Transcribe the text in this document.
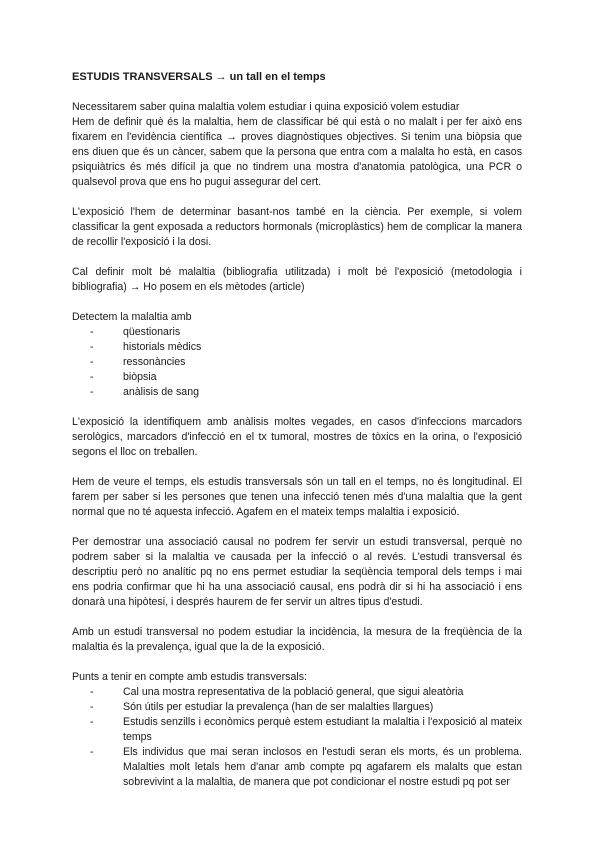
ESTUDIS TRANSVERSALS → un tall en el temps

Necessitarem saber quina malaltia volem estudiar i quina exposició volem estudiar

Hem de definir què és la malaltia, hem de classificar bé qui està o no malalt i per fer això ens fixarem en l'evidència científica → proves diagnòstiques objectives. Si tenim una biòpsia que ens diuen que és un càncer, sabem que la persona que entra com a malalta ho està, en casos psiquiàtrics és més difícil ja que no tindrem una mostra d'anatomia patològica, una PCR o qualsevol prova que ens ho pugui assegurar del cert.

L'exposició l'hem de determinar basant-nos també en la ciència. Per exemple, si volem classificar la gent exposada a reductors hormonals (microplàstics) hem de complicar la manera de recollir l'exposició i la dosi.

Cal definir molt bé malaltia (bibliografia utilitzada) i molt bé l'exposició (metodologia i bibliografia) → Ho posem en els mètodes (article)

Detectem la malaltia amb

- qüestionaris
- historials mèdics
- ressonàncies
- biòpsia
- anàlisis de sang

L'exposició la identifiquem amb anàlisis moltes vegades, en casos d'infeccions marcadors serològics, marcadors d'infecció en el tx tumoral, mostres de tòxics en la orina, o l'exposició segons el lloc on treballen.

Hem de veure el temps, els estudis transversals són un tall en el temps, no és longitudinal. El farem per saber si les persones que tenen una infecció tenen més d'una malaltia que la gent normal que no té aquesta infecció. Agafem en el mateix temps malaltia i exposició.

Per demostrar una associació causal no podrem fer servir un estudi transversal, perquè no podrem saber si la malaltia ve causada per la infecció o al revés. L'estudi transversal és descriptiu però no analític pq no ens permet estudiar la seqüència temporal dels temps i mai ens podria confirmar que hi ha una associació causal, ens podrà dir si hi ha associació i ens donarà una hipòtesi, i després haurem de fer servir un altres tipus d'estudi.

Amb un estudi transversal no podem estudiar la incidència, la mesura de la freqüència de la malaltia és la prevalença, igual que la de la exposició.

Punts a tenir en compte amb estudis transversals:

- Cal una mostra representativa de la població general, que sigui aleatòria
- Són útils per estudiar la prevalença (han de ser malalties llargues)
- Estudis senzills i econòmics perquè estem estudiant la malaltia i l'exposició al mateix temps
- Els individus que mai seran inclosos en l'estudi seran els morts, és un problema. Malalties molt letals hem d'anar amb compte pq agafarem els malalts que estan sobrevivint a la malaltia, de manera que pot condicionar el nostre estudi pq pot ser
